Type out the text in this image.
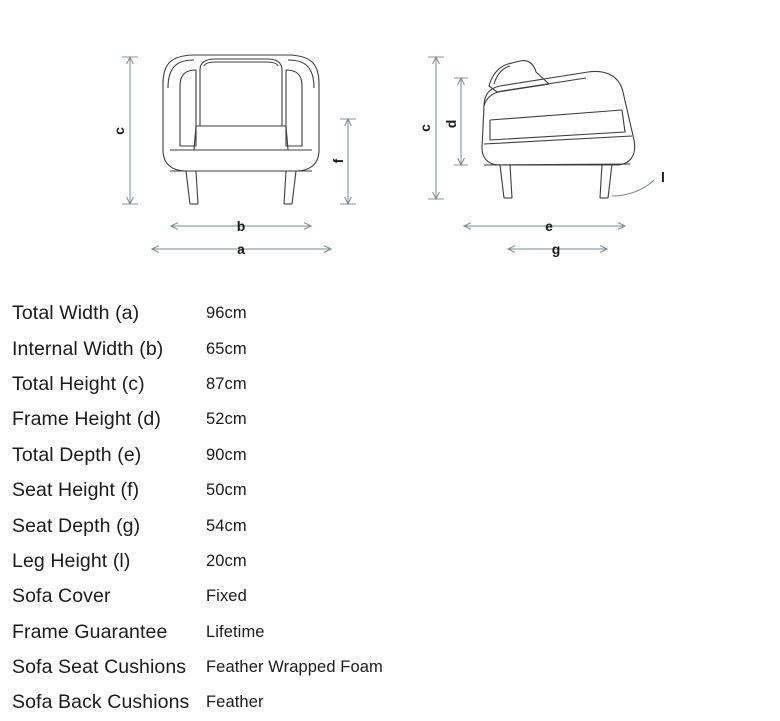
c
f
b
a
c d
l
e
g
Total Width (a)	96cm
Internal Width (b)	65cm
Total Height (c)	87cm
Frame Height (d)	52cm
Total Depth (e)	90cm
Seat Height (f)	50cm
Seat Depth (g)	54cm
Leg Height (l)	20cm
Sofa Cover	Fixed
Frame Guarantee	Lifetime
Sofa Seat Cushions	Feather Wrapped Foam
Sofa Back Cushions	Feather
